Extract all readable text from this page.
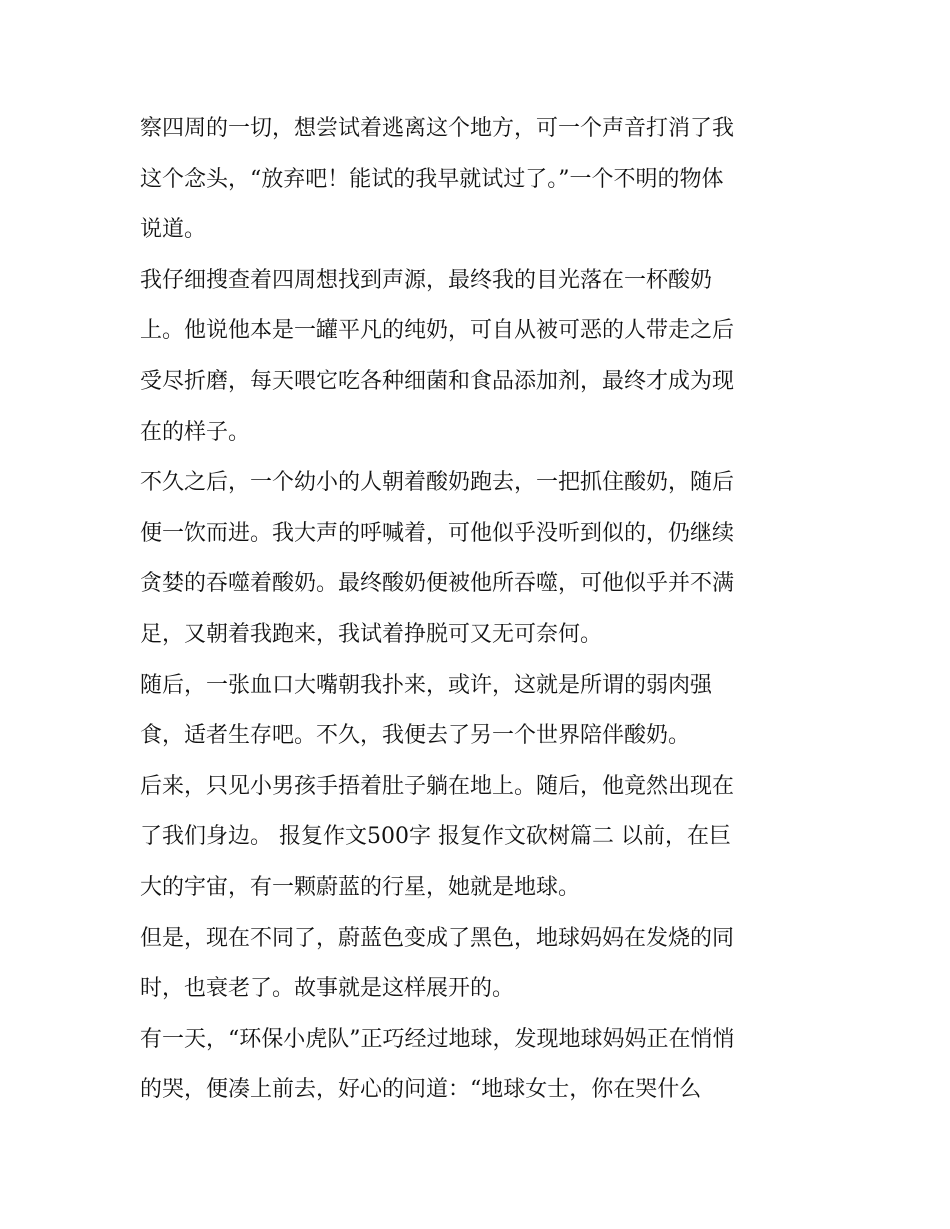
察四周的一切，想尝试着逃离这个地方，可一个声音打消了我
这个念头，“放弃吧！能试的我早就试过了。”一个不明的物体
说道。
我仔细搜查着四周想找到声源，最终我的目光落在一杯酸奶
上。他说他本是一罐平凡的纯奶，可自从被可恶的人带走之后
受尽折磨，每天喂它吃各种细菌和食品添加剂，最终才成为现
在的样子。
不久之后，一个幼小的人朝着酸奶跑去，一把抓住酸奶，随后
便一饮而进。我大声的呼喊着，可他似乎没听到似的，仍继续
贪婪的吞噬着酸奶。最终酸奶便被他所吞噬，可他似乎并不满
足，又朝着我跑来，我试着挣脱可又无可奈何。
随后，一张血口大嘴朝我扑来，或许，这就是所谓的弱肉强
食，适者生存吧。不久，我便去了另一个世界陪伴酸奶。
后来，只见小男孩手捂着肚子躺在地上。随后，他竟然出现在
了我们身边。 报复作文500字 报复作文砍树篇二 以前，在巨
大的宇宙，有一颗蔚蓝的行星，她就是地球。
但是，现在不同了，蔚蓝色变成了黑色，地球妈妈在发烧的同
时，也衰老了。故事就是这样展开的。
有一天，“环保小虎队”正巧经过地球，发现地球妈妈正在悄悄
的哭，便凑上前去，好心的问道：“地球女士，你在哭什么
